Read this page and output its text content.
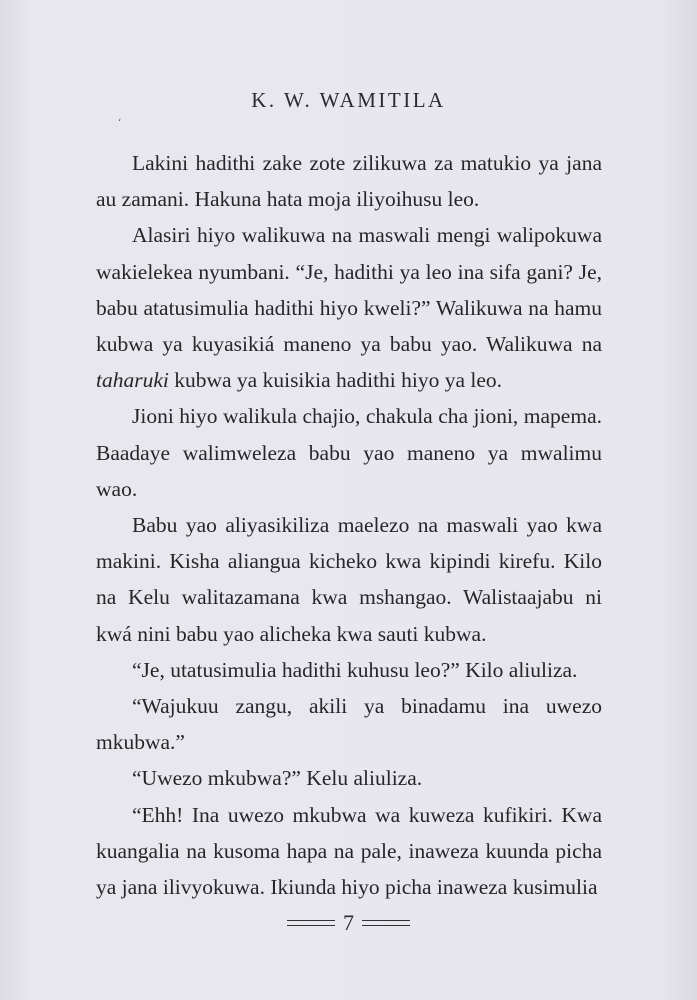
ʻ
K. W. WAMITILA

Lakini hadithi zake zote zilikuwa za matukio ya jana au zamani. Hakuna hata moja iliyoihusu leo.

Alasiri hiyo walikuwa na maswali mengi walipokuwa wakielekea nyumbani. “Je, hadithi ya leo ina sifa gani? Je, babu atatusimulia hadithi hiyo kweli?” Walikuwa na hamu kubwa ya kuyasikiá maneno ya babu yao. Walikuwa na taharuki kubwa ya kuisikia hadithi hiyo ya leo.

Jioni hiyo walikula chajio, chakula cha jioni, mapema. Baadaye walimweleza babu yao maneno ya mwalimu wao.

Babu yao aliyasikiliza maelezo na maswali yao kwa makini. Kisha aliangua kicheko kwa kipindi kirefu. Kilo na Kelu walitazamana kwa mshangao. Walistaajabu ni kwá nini babu yao alicheka kwa sauti kubwa.

“Je, utatusimulia hadithi kuhusu leo?” Kilo aliuliza.

“Wajukuu zangu, akili ya binadamu ina uwezo mkubwa.”

“Uwezo mkubwa?” Kelu aliuliza.

“Ehh! Ina uwezo mkubwa wa kuweza kufikiri. Kwa kuangalia na kusoma hapa na pale, inaweza kuunda picha ya jana ilivyokuwa. Ikiunda hiyo picha inaweza kusimulia

7
